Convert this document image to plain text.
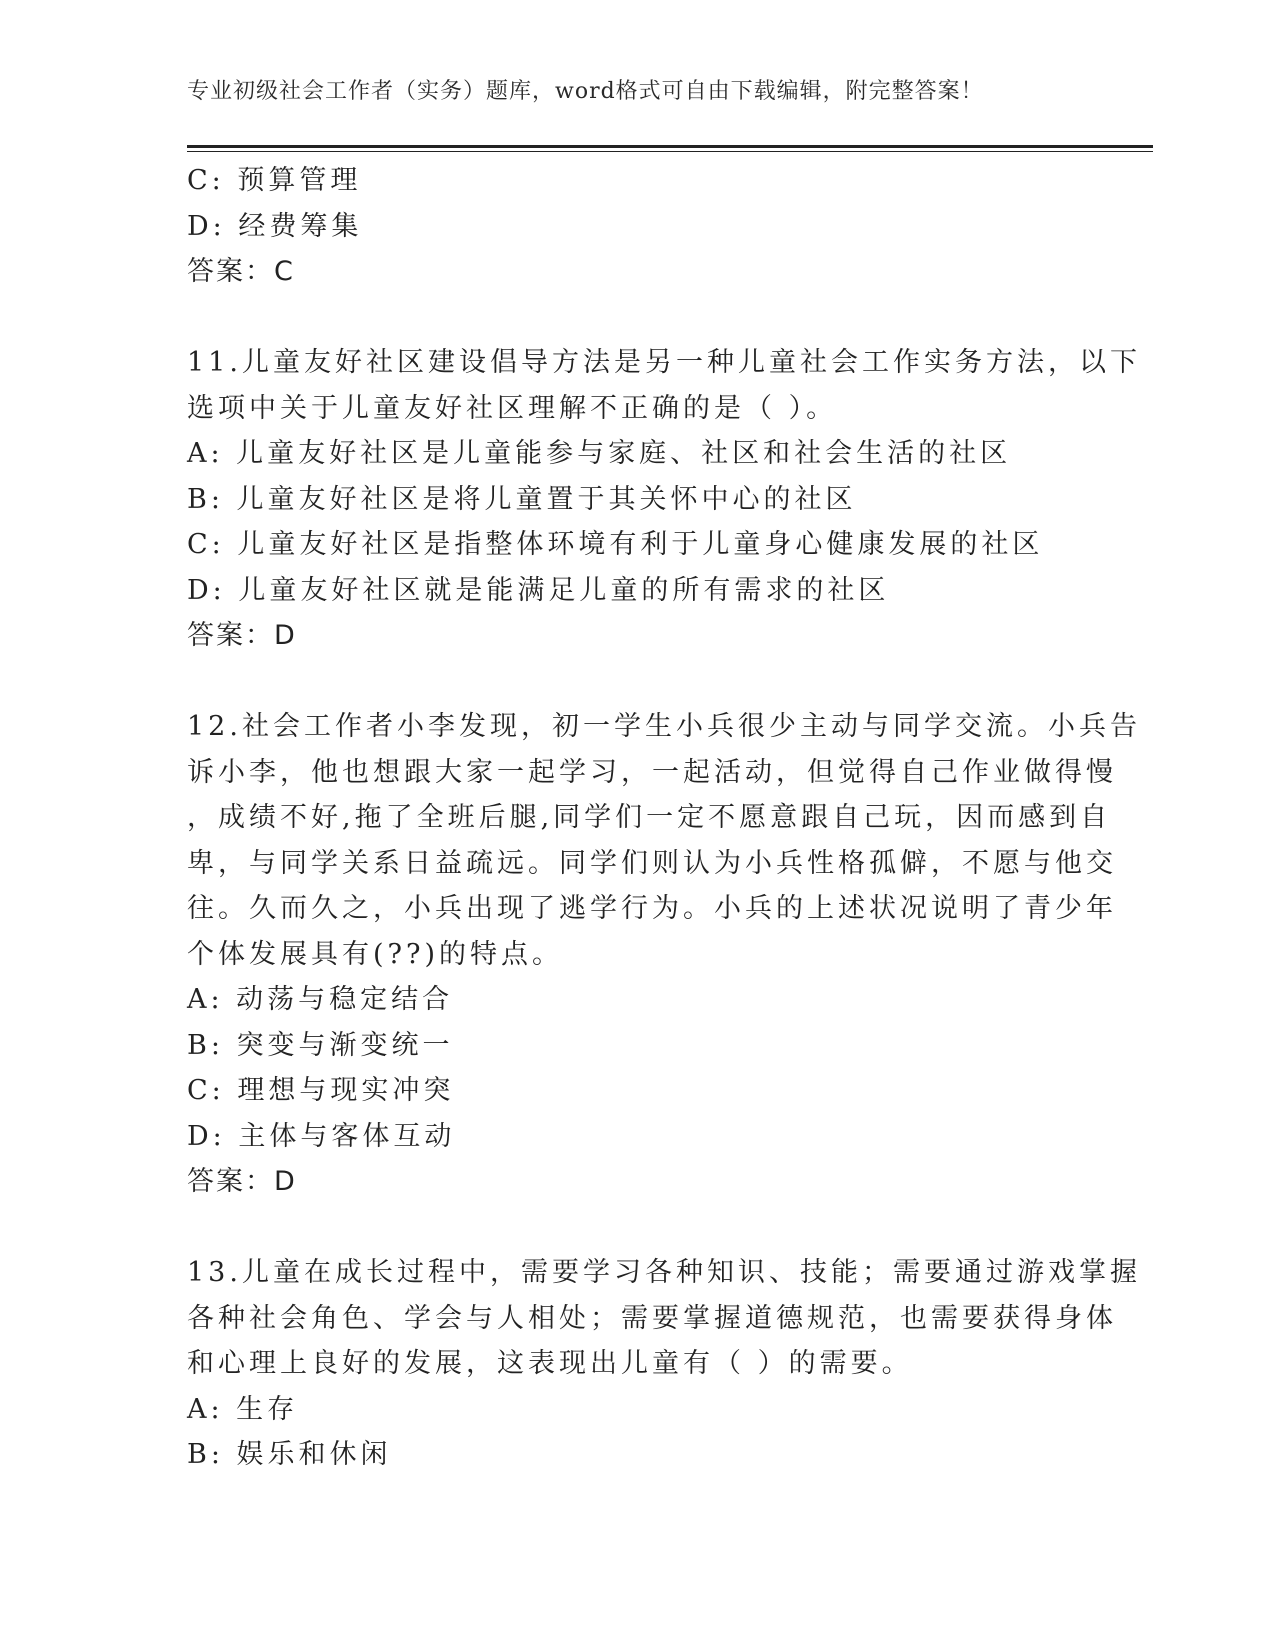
专业初级社会工作者（实务）题库，word格式可自由下载编辑，附完整答案！
C: 预算管理
D: 经费筹集
答案：C
11.儿童友好社区建设倡导方法是另一种儿童社会工作实务方法，以下
选项中关于儿童友好社区理解不正确的是（ ）。
A: 儿童友好社区是儿童能参与家庭、社区和社会生活的社区
B: 儿童友好社区是将儿童置于其关怀中心的社区
C: 儿童友好社区是指整体环境有利于儿童身心健康发展的社区
D: 儿童友好社区就是能满足儿童的所有需求的社区
答案：D
12.社会工作者小李发现，初一学生小兵很少主动与同学交流。小兵告
诉小李，他也想跟大家一起学习，一起活动，但觉得自己作业做得慢
，成绩不好,拖了全班后腿,同学们一定不愿意跟自己玩，因而感到自
卑，与同学关系日益疏远。同学们则认为小兵性格孤僻，不愿与他交
往。久而久之，小兵出现了逃学行为。小兵的上述状况说明了青少年
个体发展具有(??)的特点。
A: 动荡与稳定结合
B: 突变与渐变统一
C: 理想与现实冲突
D: 主体与客体互动
答案：D
13.儿童在成长过程中，需要学习各种知识、技能；需要通过游戏掌握
各种社会角色、学会与人相处；需要掌握道德规范，也需要获得身体
和心理上良好的发展，这表现出儿童有（ ）的需要。
A: 生存
B: 娱乐和休闲
